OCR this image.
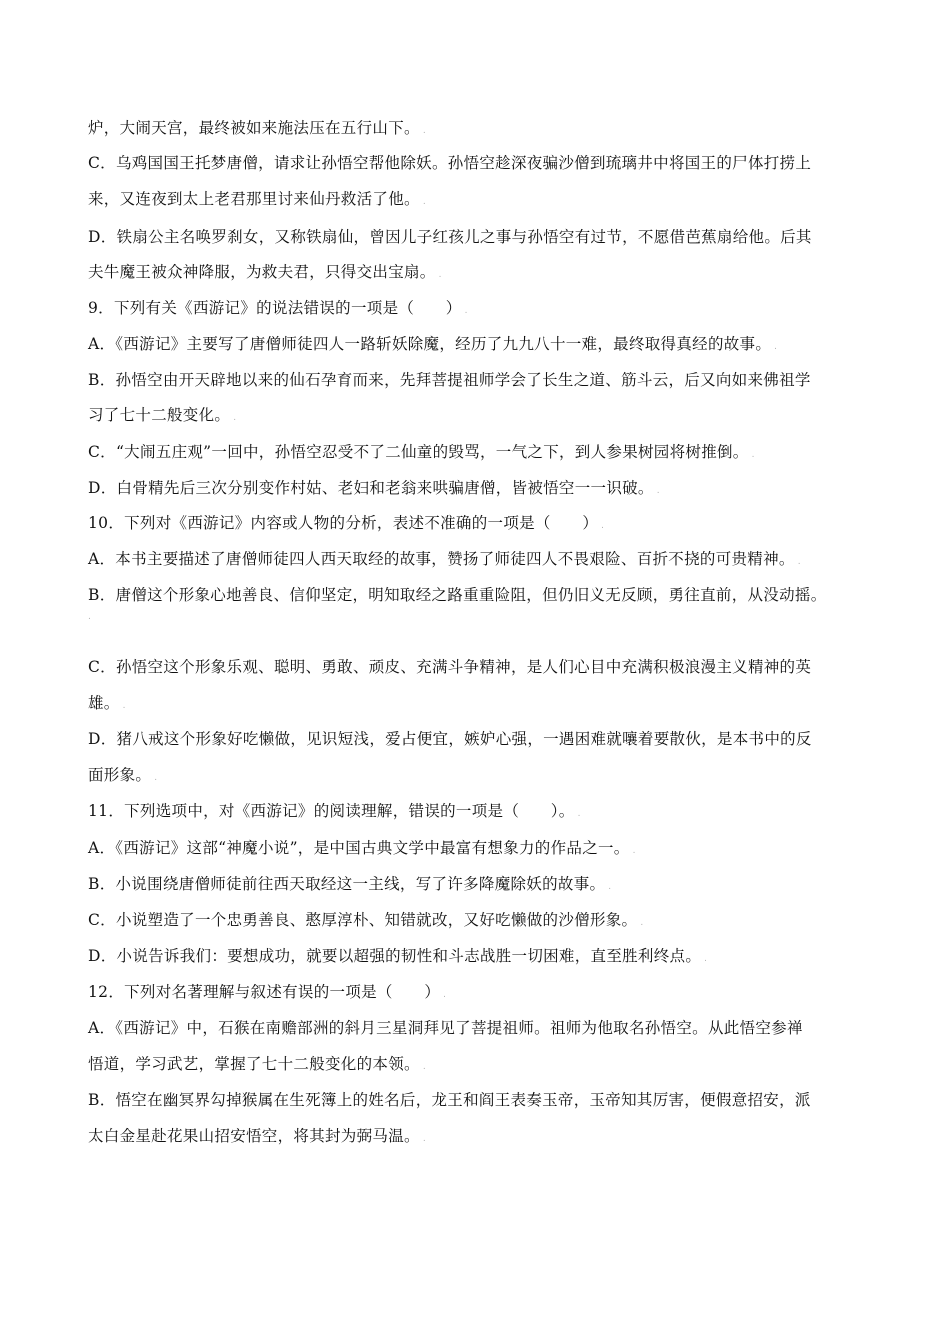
炉，大闹天宫，最终被如来施法压在五行山下。 .
C．乌鸡国国王托梦唐僧，请求让孙悟空帮他除妖。孙悟空趁深夜骗沙僧到琉璃井中将国王的尸体打捞上
来，又连夜到太上老君那里讨来仙丹救活了他。 .
D．铁扇公主名唤罗刹女，又称铁扇仙，曾因儿子红孩儿之事与孙悟空有过节，不愿借芭蕉扇给他。后其
夫牛魔王被众神降服，为救夫君，只得交出宝扇。 .
9．下列有关《西游记》的说法错误的一项是（　　） .
A．《西游记》主要写了唐僧师徒四人一路斩妖除魔，经历了九九八十一难，最终取得真经的故事。 .
B．孙悟空由开天辟地以来的仙石孕育而来，先拜菩提祖师学会了长生之道、筋斗云，后又向如来佛祖学
习了七十二般变化。 .
C．“大闹五庄观”一回中，孙悟空忍受不了二仙童的毁骂，一气之下，到人参果树园将树推倒。 .
D．白骨精先后三次分别变作村姑、老妇和老翁来哄骗唐僧，皆被悟空一一识破。 .
10．下列对《西游记》内容或人物的分析，表述不准确的一项是（　　） .
A．本书主要描述了唐僧师徒四人西天取经的故事，赞扬了师徒四人不畏艰险、百折不挠的可贵精神。 .
B．唐僧这个形象心地善良、信仰坚定，明知取经之路重重险阻，但仍旧义无反顾，勇往直前，从没动摇。
.
C．孙悟空这个形象乐观、聪明、勇敢、顽皮、充满斗争精神，是人们心目中充满积极浪漫主义精神的英
雄。 .
D．猪八戒这个形象好吃懒做，见识短浅，爱占便宜，嫉妒心强，一遇困难就嚷着要散伙，是本书中的反
面形象。 .
11．下列选项中，对《西游记》的阅读理解，错误的一项是（　　）。 .
A．《西游记》这部“神魔小说”，是中国古典文学中最富有想象力的作品之一。 .
B．小说围绕唐僧师徒前往西天取经这一主线，写了许多降魔除妖的故事。 .
C．小说塑造了一个忠勇善良、憨厚淳朴、知错就改，又好吃懒做的沙僧形象。 .
D．小说告诉我们：要想成功，就要以超强的韧性和斗志战胜一切困难，直至胜利终点。 .
12．下列对名著理解与叙述有误的一项是（　　） .
A．《西游记》中，石猴在南赡部洲的斜月三星洞拜见了菩提祖师。祖师为他取名孙悟空。从此悟空参禅
悟道，学习武艺，掌握了七十二般变化的本领。 .
B．悟空在幽冥界勾掉猴属在生死簿上的姓名后，龙王和阎王表奏玉帝，玉帝知其厉害，便假意招安，派
太白金星赴花果山招安悟空，将其封为弼马温。 .
